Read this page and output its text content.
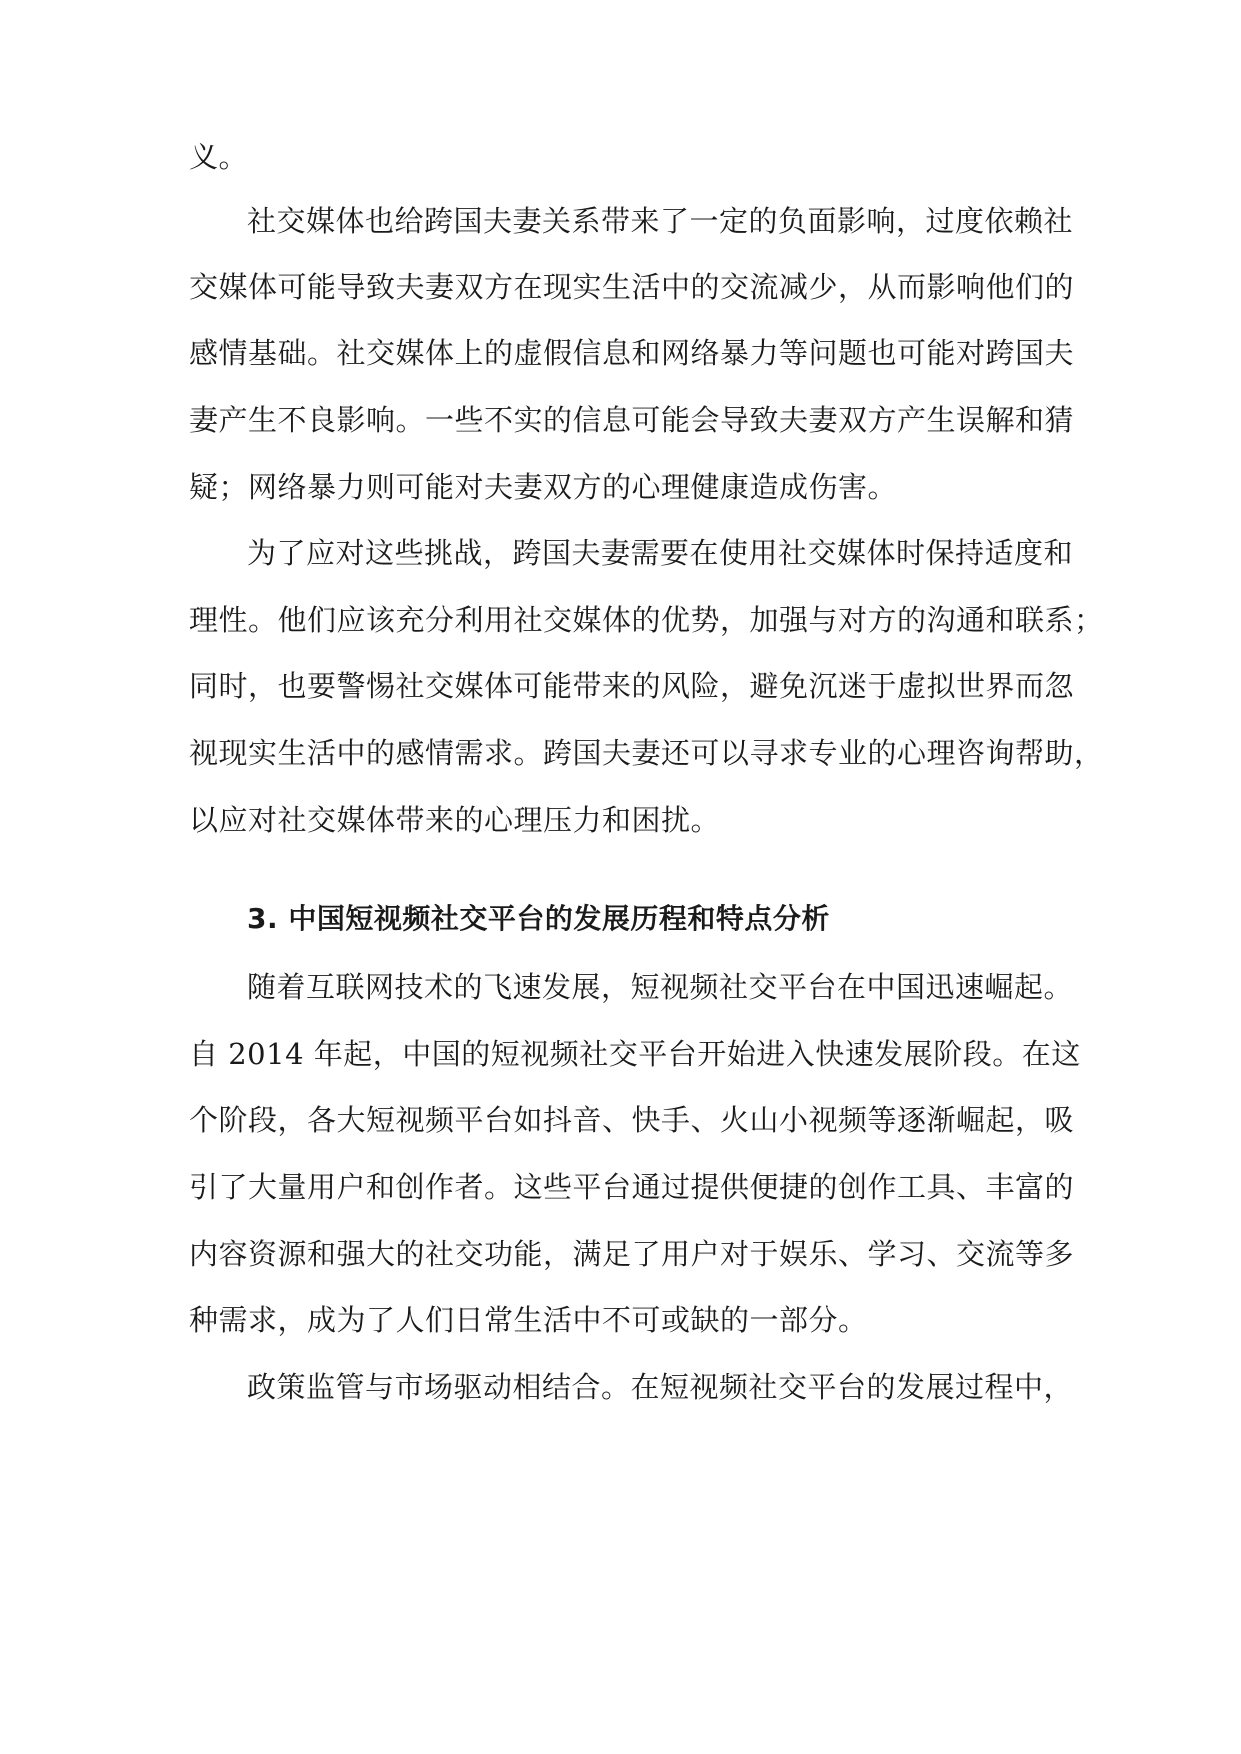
义。
社交媒体也给跨国夫妻关系带来了一定的负面影响，过度依赖社
交媒体可能导致夫妻双方在现实生活中的交流减少，从而影响他们的
感情基础。社交媒体上的虚假信息和网络暴力等问题也可能对跨国夫
妻产生不良影响。一些不实的信息可能会导致夫妻双方产生误解和猜
疑；网络暴力则可能对夫妻双方的心理健康造成伤害。
为了应对这些挑战，跨国夫妻需要在使用社交媒体时保持适度和
理性。他们应该充分利用社交媒体的优势，加强与对方的沟通和联系；
同时，也要警惕社交媒体可能带来的风险，避免沉迷于虚拟世界而忽
视现实生活中的感情需求。跨国夫妻还可以寻求专业的心理咨询帮助，
以应对社交媒体带来的心理压力和困扰。
3. 中国短视频社交平台的发展历程和特点分析
随着互联网技术的飞速发展，短视频社交平台在中国迅速崛起。
自 2014 年起，中国的短视频社交平台开始进入快速发展阶段。在这
个阶段，各大短视频平台如抖音、快手、火山小视频等逐渐崛起，吸
引了大量用户和创作者。这些平台通过提供便捷的创作工具、丰富的
内容资源和强大的社交功能，满足了用户对于娱乐、学习、交流等多
种需求，成为了人们日常生活中不可或缺的一部分。
政策监管与市场驱动相结合。在短视频社交平台的发展过程中，
